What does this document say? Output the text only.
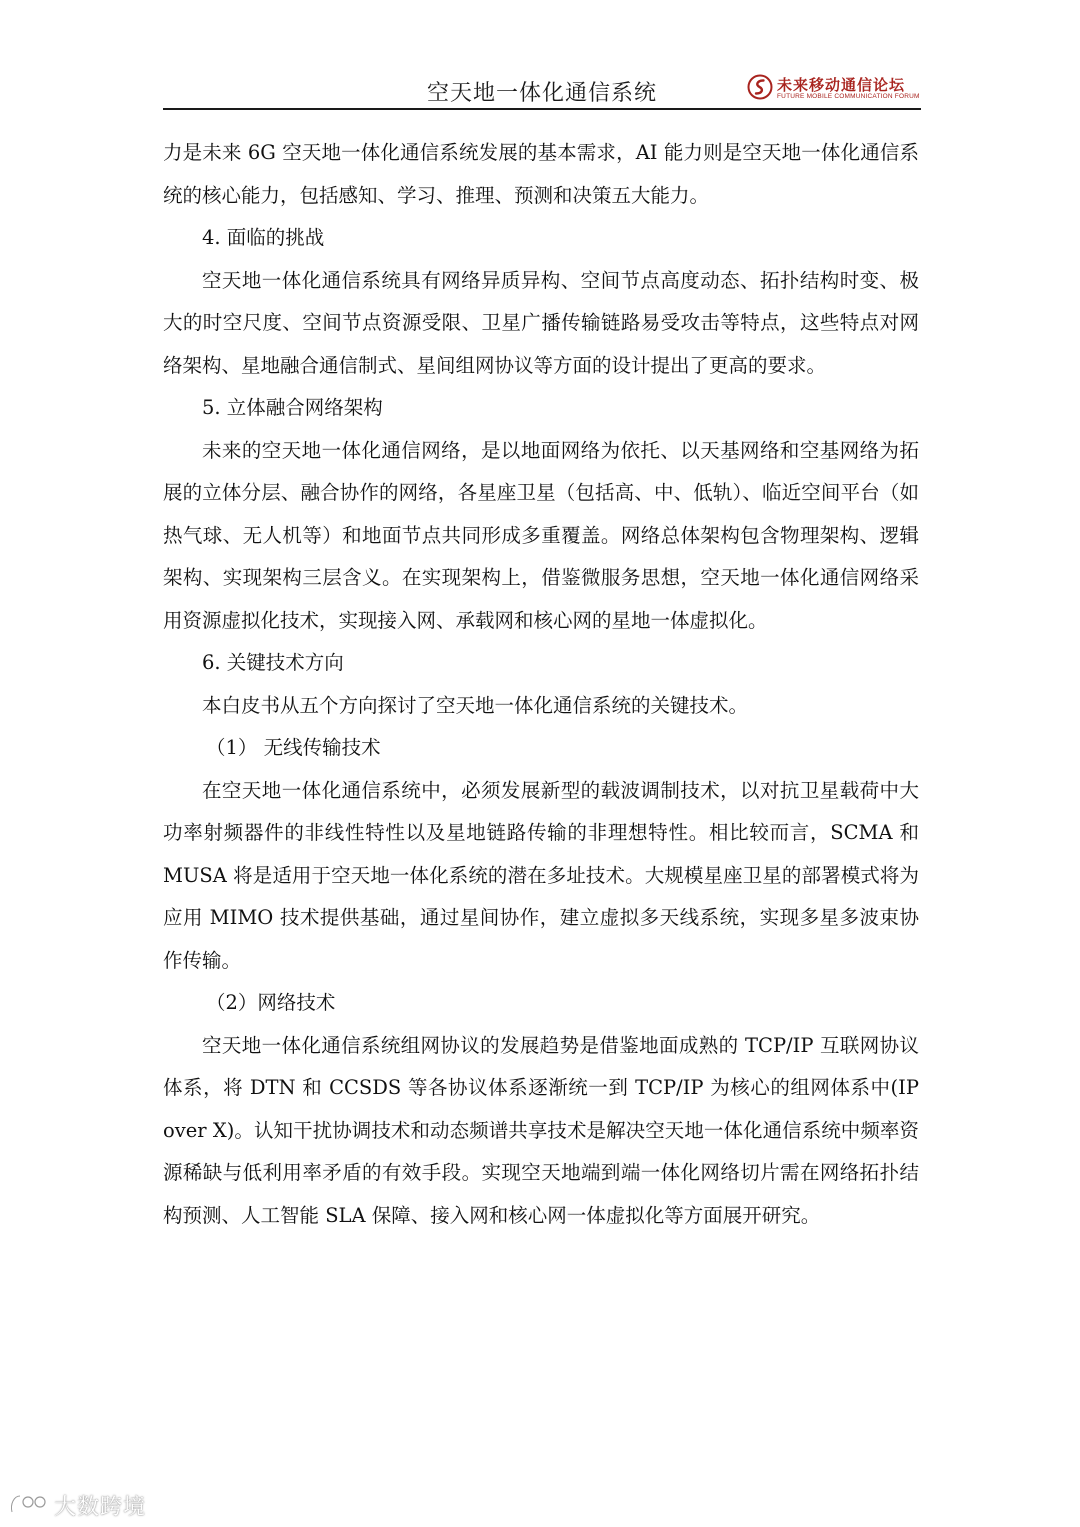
空天地一体化通信系统	未来移动通信论坛
FUTURE MOBILE COMMUNICATION FORUM

力是未来 6G 空天地一体化通信系统发展的基本需求，AI 能力则是空天地一体化通信系统的核心能力，包括感知、学习、推理、预测和决策五大能力。

4. 面临的挑战

空天地一体化通信系统具有网络异质异构、空间节点高度动态、拓扑结构时变、极大的时空尺度、空间节点资源受限、卫星广播传输链路易受攻击等特点，这些特点对网络架构、星地融合通信制式、星间组网协议等方面的设计提出了更高的要求。

5. 立体融合网络架构

未来的空天地一体化通信网络，是以地面网络为依托、以天基网络和空基网络为拓展的立体分层、融合协作的网络，各星座卫星（包括高、中、低轨）、临近空间平台（如热气球、无人机等）和地面节点共同形成多重覆盖。网络总体架构包含物理架构、逻辑架构、实现架构三层含义。在实现架构上，借鉴微服务思想，空天地一体化通信网络采用资源虚拟化技术，实现接入网、承载网和核心网的星地一体虚拟化。

6. 关键技术方向

本白皮书从五个方向探讨了空天地一体化通信系统的关键技术。

（1） 无线传输技术

在空天地一体化通信系统中，必须发展新型的载波调制技术，以对抗卫星载荷中大功率射频器件的非线性特性以及星地链路传输的非理想特性。相比较而言，SCMA 和 MUSA 将是适用于空天地一体化系统的潜在多址技术。大规模星座卫星的部署模式将为应用 MIMO 技术提供基础，通过星间协作，建立虚拟多天线系统，实现多星多波束协作传输。

（2）网络技术

空天地一体化通信系统组网协议的发展趋势是借鉴地面成熟的 TCP/IP 互联网协议体系，将 DTN 和 CCSDS 等各协议体系逐渐统一到 TCP/IP 为核心的组网体系中(IP over X)。认知干扰协调技术和动态频谱共享技术是解决空天地一体化通信系统中频率资源稀缺与低利用率矛盾的有效手段。实现空天地端到端一体化网络切片需在网络拓扑结构预测、人工智能 SLA 保障、接入网和核心网一体虚拟化等方面展开研究。

大数跨境
